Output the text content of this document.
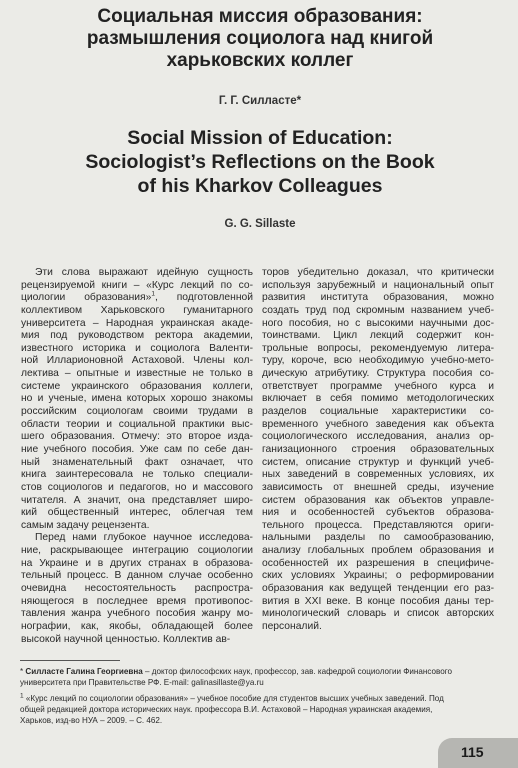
Социальная миссия образования:
размышления социолога над книгой
харьковских коллег
Г. Г. Силласте*
Social Mission of Education:
Sociologist’s Reflections on the Book
of his Kharkov Colleagues
G. G. Sillaste
Эти слова выражают идейную сущность
рецензируемой книги – «Курс лекций по со-
циологии образования»$^1$, подготовленной
коллективом Харьковского гуманитарного
университета – Народная украинская акаде-
мия под руководством ректора академии,
известного историка и социолога Валенти-
ной Илларионовной Астаховой. Члены кол-
лектива – опытные и известные не только в
системе украинского образования коллеги,
но и ученые, имена которых хорошо знакомы
российским социологам своими трудами в
области теории и социальной практики выс-
шего образования. Отмечу: это второе изда-
ние учебного пособия. Уже сам по себе дан-
ный знаменательный факт означает, что
книга заинтересовала не только специали-
стов социологов и педагогов, но и массового
читателя. А значит, она представляет широ-
кий общественный интерес, облегчая тем
самым задачу рецензента.
Перед нами глубокое научное исследова-
ние, раскрывающее интеграцию социологии
на Украине и в других странах в образова-
тельный процесс. В данном случае особенно
очевидна несостоятельность распростра-
няющегося в последнее время противопос-
тавления жанра учебного пособия жанру мо-
нографии, как, якобы, обладающей более
высокой научной ценностью. Коллектив ав-
торов убедительно доказал, что критически
используя зарубежный и национальный опыт
развития института образования, можно
создать труд под скромным названием учеб-
ного пособия, но с высокими научными дос-
тоинствами. Цикл лекций содержит кон-
трольные вопросы, рекомендуемую литера-
туру, короче, всю необходимую учебно-мето-
дическую атрибутику. Структура пособия со-
ответствует программе учебного курса и
включает в себя помимо методологических
разделов социальные характеристики со-
временного учебного заведения как объекта
социологического исследования, анализ ор-
ганизационного строения образовательных
систем, описание структур и функций учеб-
ных заведений в современных условиях, их
зависимость от внешней среды, изучение
систем образования как объектов управле-
ния и особенностей субъектов образова-
тельного процесса. Представляются ориги-
нальными разделы по самообразованию,
анализу глобальных проблем образования и
особенностей их разрешения в специфиче-
ских условиях Украины; о реформировании
образования как ведущей тенденции его раз-
вития в XXI веке. В конце пособия даны тер-
минологический словарь и список авторских
персоналий.
* Силласте Галина Георгиевна – доктор философских наук, профессор, зав. кафедрой социологии Финансового
университета при Правительстве РФ. E-mail: galinasillaste@ya.ru
$^1$ «Курс лекций по социологии образования» – учебное пособие для студентов высших учебных заведений. Под
общей редакцией доктора исторических наук. профессора В.И. Астаховой – Народная украинская академия,
Харьков, изд-во НУА – 2009. – С. 462.
115
